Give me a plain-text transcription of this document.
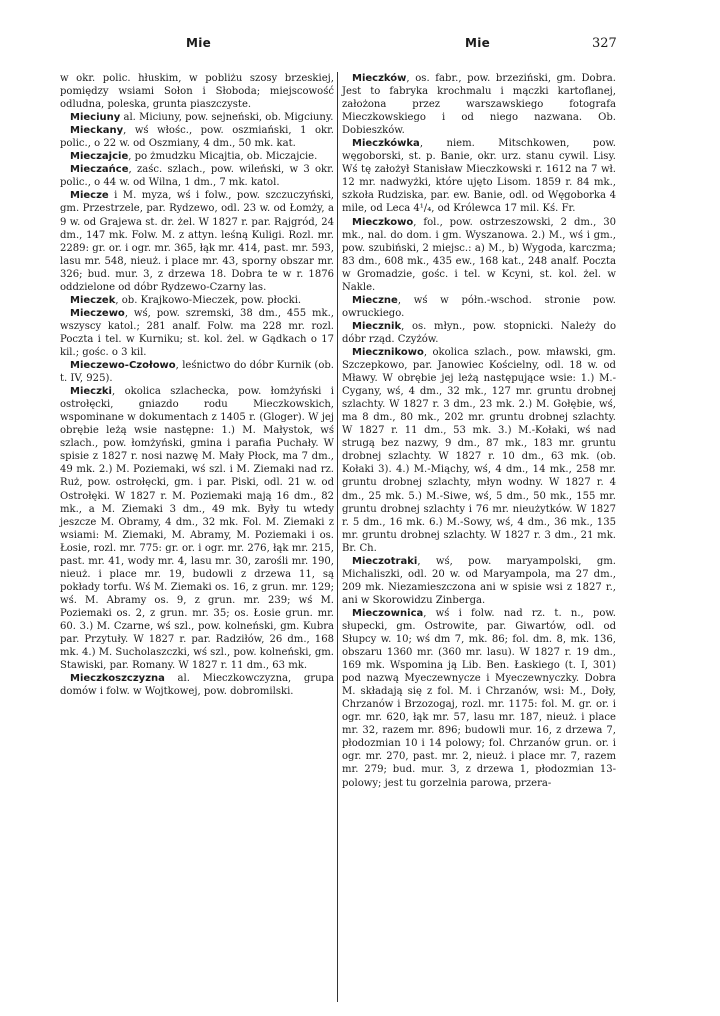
Mie	Mie	327

w okr. polic. hłuskim, w pobliżu szosy brzeskiej, pomiędzy wsiami Sołon i Słoboda; miejscowość odludna, poleska, grunta piaszczyste.

Mieciuny al. Miciuny, pow. sejneński, ob. Migciuny.

Mieckany, wś włośc., pow. oszmiański, 1 okr. polic., o 22 w. od Oszmiany, 4 dm., 50 mk. kat.

Mieczajcie, po żmudzku Micajtia, ob. Miczajcie.

Mieczańce, zaśc. szlach., pow. wileński, w 3 okr. polic., o 44 w. od Wilna, 1 dm., 7 mk. katol.

Miecze i M. myza, wś i folw., pow. szczuczyński, gm. Przestrzele, par. Rydzewo, odl. 23 w. od Łomży, a 9 w. od Grajewa st. dr. żel. W 1827 r. par. Rajgród, 24 dm., 147 mk. Folw. M. z attyn. leśną Kuligi. Rozl. mr. 2289: gr. or. i ogr. mr. 365, łąk mr. 414, past. mr. 593, lasu mr. 548, nieuż. i place mr. 43, sporny obszar mr. 326; bud. mur. 3, z drzewa 18. Dobra te w r. 1876 oddzielone od dóbr Rydzewo-Czarny las.

Mieczek, ob. Krajkowo-Mieczek, pow. płocki.

Mieczewo, wś, pow. szremski, 38 dm., 455 mk., wszyscy katol.; 281 analf. Folw. ma 228 mr. rozl. Poczta i tel. w Kurniku; st. kol. żel. w Gądkach o 17 kil.; gośc. o 3 kil.

Mieczewo-Czołowo, leśnictwo do dóbr Kurnik (ob. t. IV, 925).

Mieczki, okolica szlachecka, pow. łomżyński i ostrołęcki, gniazdo rodu Mieczkowskich, wspominane w dokumentach z 1405 r. (Gloger). W jej obrębie leżą wsie następne: 1.) M. Małystok, wś szlach., pow. łomżyński, gmina i parafia Puchały. W spisie z 1827 r. nosi nazwę M. Mały Płock, ma 7 dm., 49 mk. 2.) M. Poziemaki, wś szl. i M. Ziemaki nad rz. Ruż, pow. ostrołęcki, gm. i par. Piski, odl. 21 w. od Ostrołęki. W 1827 r. M. Poziemaki mają 16 dm., 82 mk., a M. Ziemaki 3 dm., 49 mk. Były tu wtedy jeszcze M. Obramy, 4 dm., 32 mk. Fol. M. Ziemaki z wsiami: M. Ziemaki, M. Abramy, M. Poziemaki i os. Łosie, rozl. mr. 775: gr. or. i ogr. mr. 276, łąk mr. 215, past. mr. 41, wody mr. 4, lasu mr. 30, zarośli mr. 190, nieuż. i place mr. 19, budowli z drzewa 11, są pokłady torfu. Wś M. Ziemaki os. 16, z grun. mr. 129; wś. M. Abramy os. 9, z grun. mr. 239; wś M. Poziemaki os. 2, z grun. mr. 35; os. Łosie grun. mr. 60. 3.) M. Czarne, wś szl., pow. kolneński, gm. Kubra par. Przytuły. W 1827 r. par. Radziłów, 26 dm., 168 mk. 4.) M. Sucholaszczki, wś szl., pow. kolneński, gm. Stawiski, par. Romany. W 1827 r. 11 dm., 63 mk.

Mieczkoszczyzna al. Mieczkowczyzna, grupa domów i folw. w Wojtkowej, pow. dobromilski.

Mieczków, os. fabr., pow. brzeziński, gm. Dobra. Jest to fabryka krochmalu i mączki kartoflanej, założona przez warszawskiego fotografa Mieczkowskiego i od niego nazwana. Ob. Dobieszków.

Mieczkówka, niem. Mitschkowen, pow. węgoborski, st. p. Banie, okr. urz. stanu cywil. Lisy. Wś tę założył Stanisław Mieczkowski r. 1612 na 7 wł. 12 mr. nadwyżki, które ujęto Lisom. 1859 r. 84 mk., szkoła Rudziska, par. ew. Banie, odl. od Węgoborka 4 mile, od Leca 4¹/₄, od Królewca 17 mil. Kś. Fr.

Mieczkowo, fol., pow. ostrzeszowski, 2 dm., 30 mk., nal. do dom. i gm. Wyszanowa. 2.) M., wś i gm., pow. szubiński, 2 miejsc.: a) M., b) Wygoda, karczma; 83 dm., 608 mk., 435 ew., 168 kat., 248 analf. Poczta w Gromadzie, gośc. i tel. w Kcyni, st. kol. żel. w Nakle.

Mieczne, wś w półn.-wschod. stronie pow. owruckiego.

Miecznik, os. młyn., pow. stopnicki. Należy do dóbr rząd. Czyżów.

Miecznikowo, okolica szlach., pow. mławski, gm. Szczepkowo, par. Janowiec Kościelny, odl. 18 w. od Mławy. W obrębie jej leżą następujące wsie: 1.) M.-Cygany, wś, 4 dm., 32 mk., 127 mr. gruntu drobnej szlachty. W 1827 r. 3 dm., 23 mk. 2.) M. Gołębie, wś, ma 8 dm., 80 mk., 202 mr. gruntu drobnej szlachty. W 1827 r. 11 dm., 53 mk. 3.) M.-Kołaki, wś nad strugą bez nazwy, 9 dm., 87 mk., 183 mr. gruntu drobnej szlachty. W 1827 r. 10 dm., 63 mk. (ob. Kołaki 3). 4.) M.-Miąchy, wś, 4 dm., 14 mk., 258 mr. gruntu drobnej szlachty, młyn wodny. W 1827 r. 4 dm., 25 mk. 5.) M.-Siwe, wś, 5 dm., 50 mk., 155 mr. gruntu drobnej szlachty i 76 mr. nieużytków. W 1827 r. 5 dm., 16 mk. 6.) M.-Sowy, wś, 4 dm., 36 mk., 135 mr. gruntu drobnej szlachty. W 1827 r. 3 dm., 21 mk. Br. Ch.

Mieczotraki, wś, pow. maryampolski, gm. Michaliszki, odl. 20 w. od Maryampola, ma 27 dm., 209 mk. Niezamieszczona ani w spisie wsi z 1827 r., ani w Skorowidzu Zinberga.

Mieczownica, wś i folw. nad rz. t. n., pow. słupecki, gm. Ostrowite, par. Giwartów, odl. od Słupcy w. 10; wś dm 7, mk. 86; fol. dm. 8, mk. 136, obszaru 1360 mr. (360 mr. lasu). W 1827 r. 19 dm., 169 mk. Wspomina ją Lib. Ben. Łaskiego (t. I, 301) pod nazwą Myeczewnycze i Myeczewnyczky. Dobra M. składają się z fol. M. i Chrzanów, wsi: M., Doły, Chrzanów i Brzozogaj, rozl. mr. 1175: fol. M. gr. or. i ogr. mr. 620, łąk mr. 57, lasu mr. 187, nieuż. i place mr. 32, razem mr. 896; budowli mur. 16, z drzewa 7, płodozmian 10 i 14 polowy; fol. Chrzanów grun. or. i ogr. mr. 270, past. mr. 2, nieuż. i place mr. 7, razem mr. 279; bud. mur. 3, z drzewa 1, płodozmian 13-polowy; jest tu gorzelnia parowa, przera-
